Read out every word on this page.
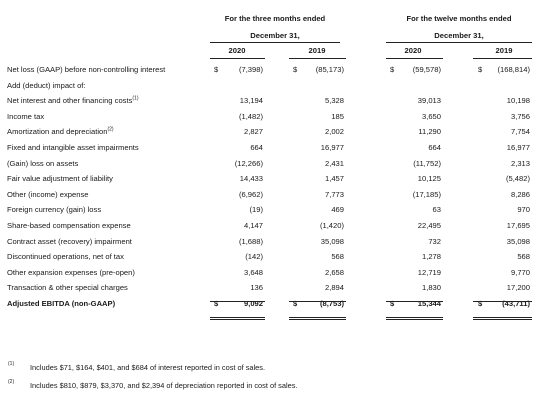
For the three months ended
December 31,
For the twelve months ended
December 31,
2020	2019	2020	2019
Net loss (GAAP) before non-controlling interest	$	(7,398)	$	(85,173)	$	(59,578)	$	(168,814)
Add (deduct) impact of:
Net interest and other financing costs$^{(1)}$	13,194	5,328	39,013	10,198
Income tax	(1,482)	185	3,650	3,756
Amortization and depreciation$^{(2)}$	2,827	2,002	11,290	7,754
Fixed and intangible asset impairments	664	16,977	664	16,977
(Gain) loss on assets	(12,266)	2,431	(11,752)	2,313
Fair value adjustment of liability	14,433	1,457	10,125	(5,482)
Other (income) expense	(6,962)	7,773	(17,185)	8,286
Foreign currency (gain) loss	(19)	469	63	970
Share-based compensation expense	4,147	(1,420)	22,495	17,695
Contract asset (recovery) impairment	(1,688)	35,098	732	35,098
Discontinued operations, net of tax	(142)	568	1,278	568
Other expansion expenses (pre-open)	3,648	2,658	12,719	9,770
Transaction & other special charges	136	2,894	1,830	17,200
Adjusted EBITDA (non-GAAP)	$	9,092	$	(8,753)	$	15,344	$	(43,711)
(1) Includes $71, $164, $401, and $684 of interest reported in cost of sales.
(2) Includes $810, $879, $3,370, and $2,394 of depreciation reported in cost of sales.
